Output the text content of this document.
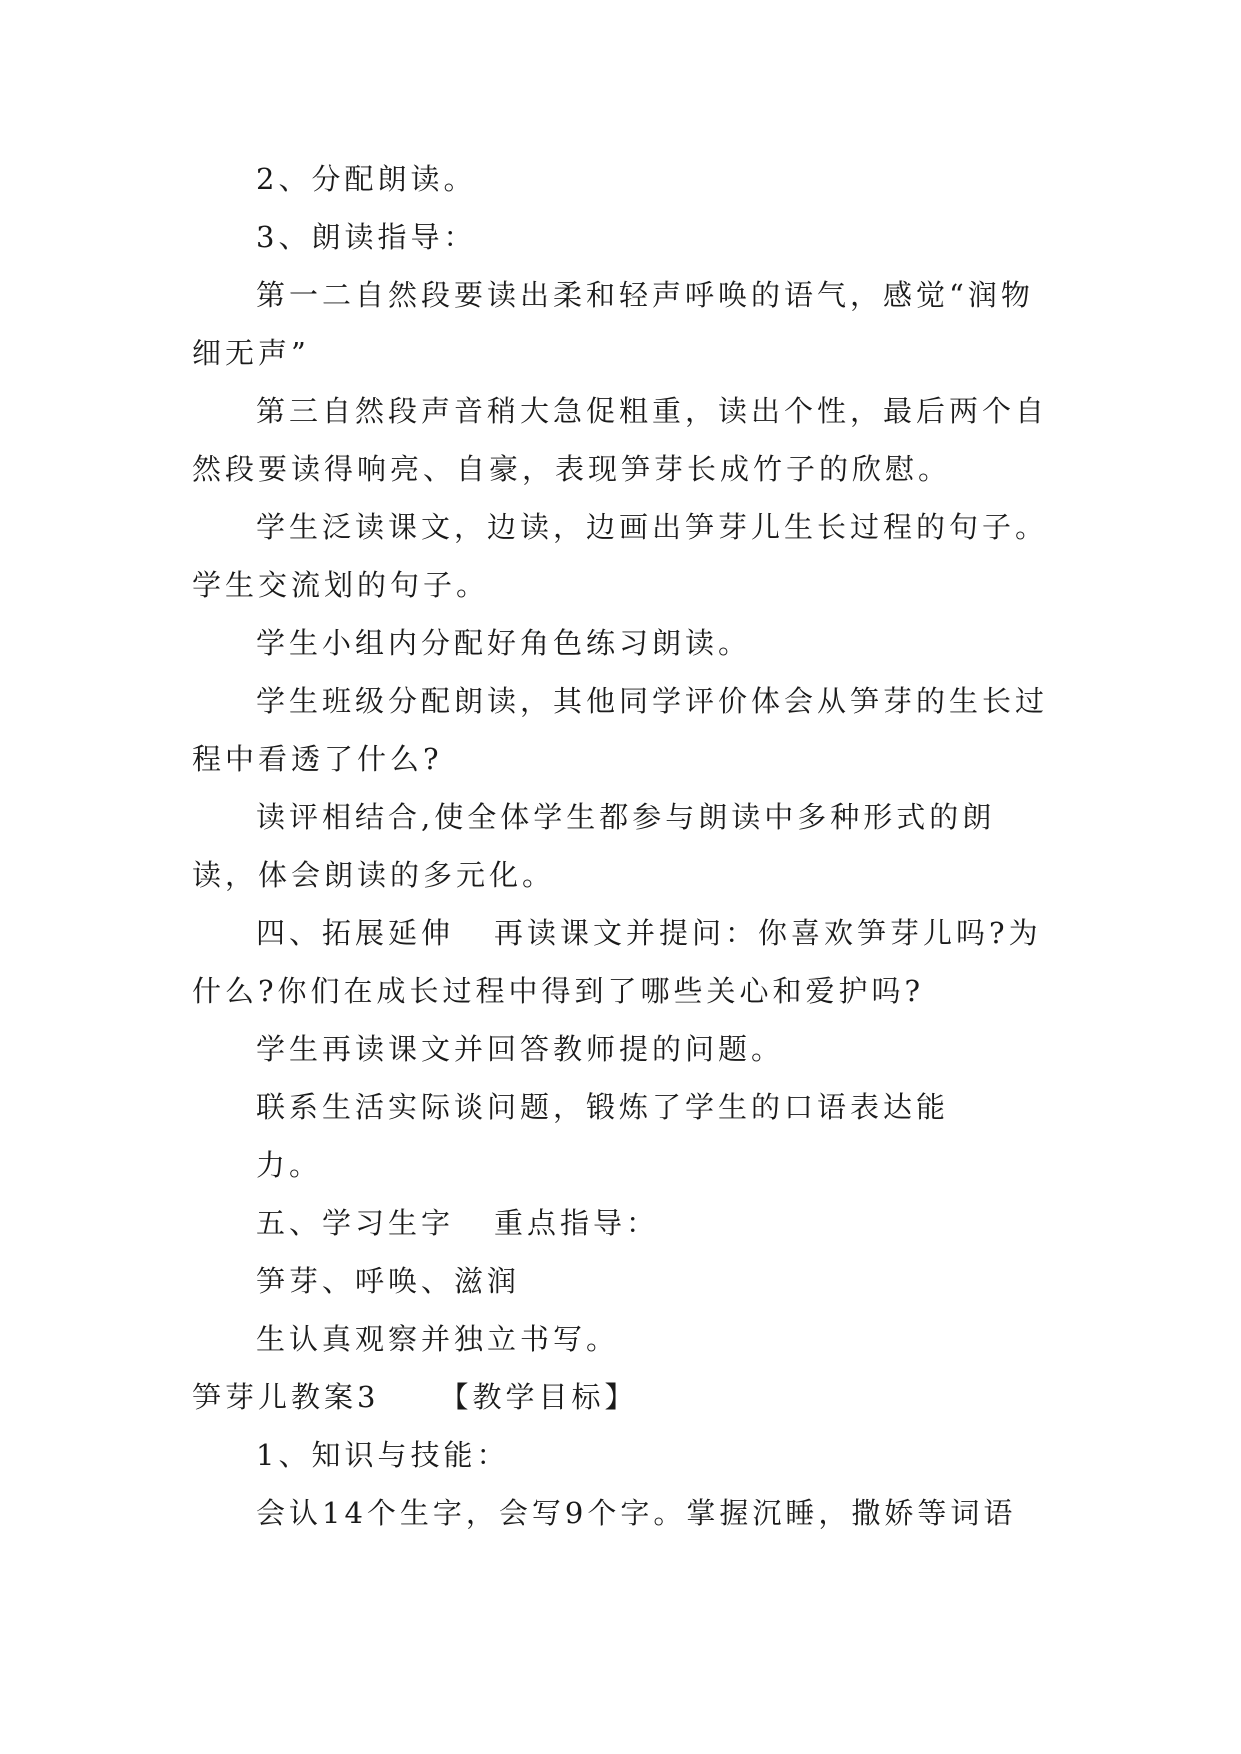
2、分配朗读。

3、朗读指导：

第一二自然段要读出柔和轻声呼唤的语气，感觉“润物细无声”

第三自然段声音稍大急促粗重，读出个性，最后两个自然段要读得响亮、自豪，表现笋芽长成竹子的欣慰。

学生泛读课文，边读，边画出笋芽儿生长过程的句子。学生交流划的句子。

学生小组内分配好角色练习朗读。

学生班级分配朗读，其他同学评价体会从笋芽的生长过程中看透了什么?

读评相结合,使全体学生都参与朗读中多种形式的朗读，体会朗读的多元化。

四、拓展延伸 再读课文并提问：你喜欢笋芽儿吗?为什么?你们在成长过程中得到了哪些关心和爱护吗?

学生再读课文并回答教师提的问题。

联系生活实际谈问题，锻炼了学生的口语表达能

力。

五、学习生字 重点指导：

笋芽、呼唤、滋润

生认真观察并独立书写。

笋芽儿教案3 【教学目标】

1、知识与技能：

会认14个生字，会写9个字。掌握沉睡，撒娇等词语
